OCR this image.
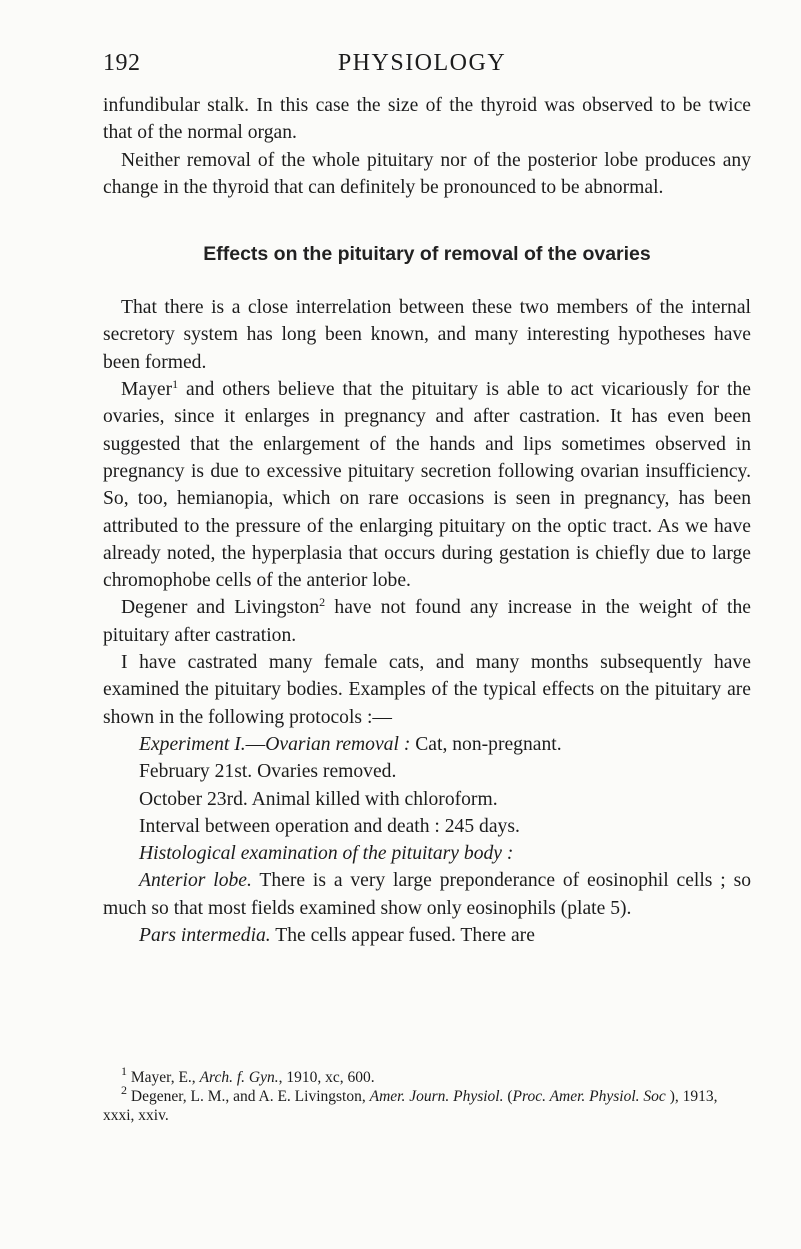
192	PHYSIOLOGY

infundibular stalk. In this case the size of the thyroid was observed to be twice that of the normal organ.

Neither removal of the whole pituitary nor of the posterior lobe produces any change in the thyroid that can definitely be pronounced to be abnormal.

Effects on the pituitary of removal of the ovaries

That there is a close interrelation between these two members of the internal secretory system has long been known, and many interesting hypotheses have been formed.

Mayer$^1$ and others believe that the pituitary is able to act vicariously for the ovaries, since it enlarges in pregnancy and after castration. It has even been suggested that the enlargement of the hands and lips sometimes observed in pregnancy is due to excessive pituitary secretion following ovarian insufficiency. So, too, hemianopia, which on rare occasions is seen in pregnancy, has been attributed to the pressure of the enlarging pituitary on the optic tract. As we have already noted, the hyperplasia that occurs during gestation is chiefly due to large chromophobe cells of the anterior lobe.

Degener and Livingston$^2$ have not found any increase in the weight of the pituitary after castration.

I have castrated many female cats, and many months subsequently have examined the pituitary bodies. Examples of the typical effects on the pituitary are shown in the following protocols :—

Experiment I.—Ovarian removal : Cat, non-pregnant.

February 21st. Ovaries removed.

October 23rd. Animal killed with chloroform.

Interval between operation and death : 245 days.

Histological examination of the pituitary body :

Anterior lobe. There is a very large preponderance of eosinophil cells ; so much so that most fields examined show only eosinophils (plate 5).

Pars intermedia. The cells appear fused. There are

$^1$ Mayer, E., Arch. f. Gyn., 1910, xc, 600.

$^2$ Degener, L. M., and A. E. Livingston, Amer. Journ. Physiol. (Proc. Amer. Physiol. Soc ), 1913, xxxi, xxiv.
